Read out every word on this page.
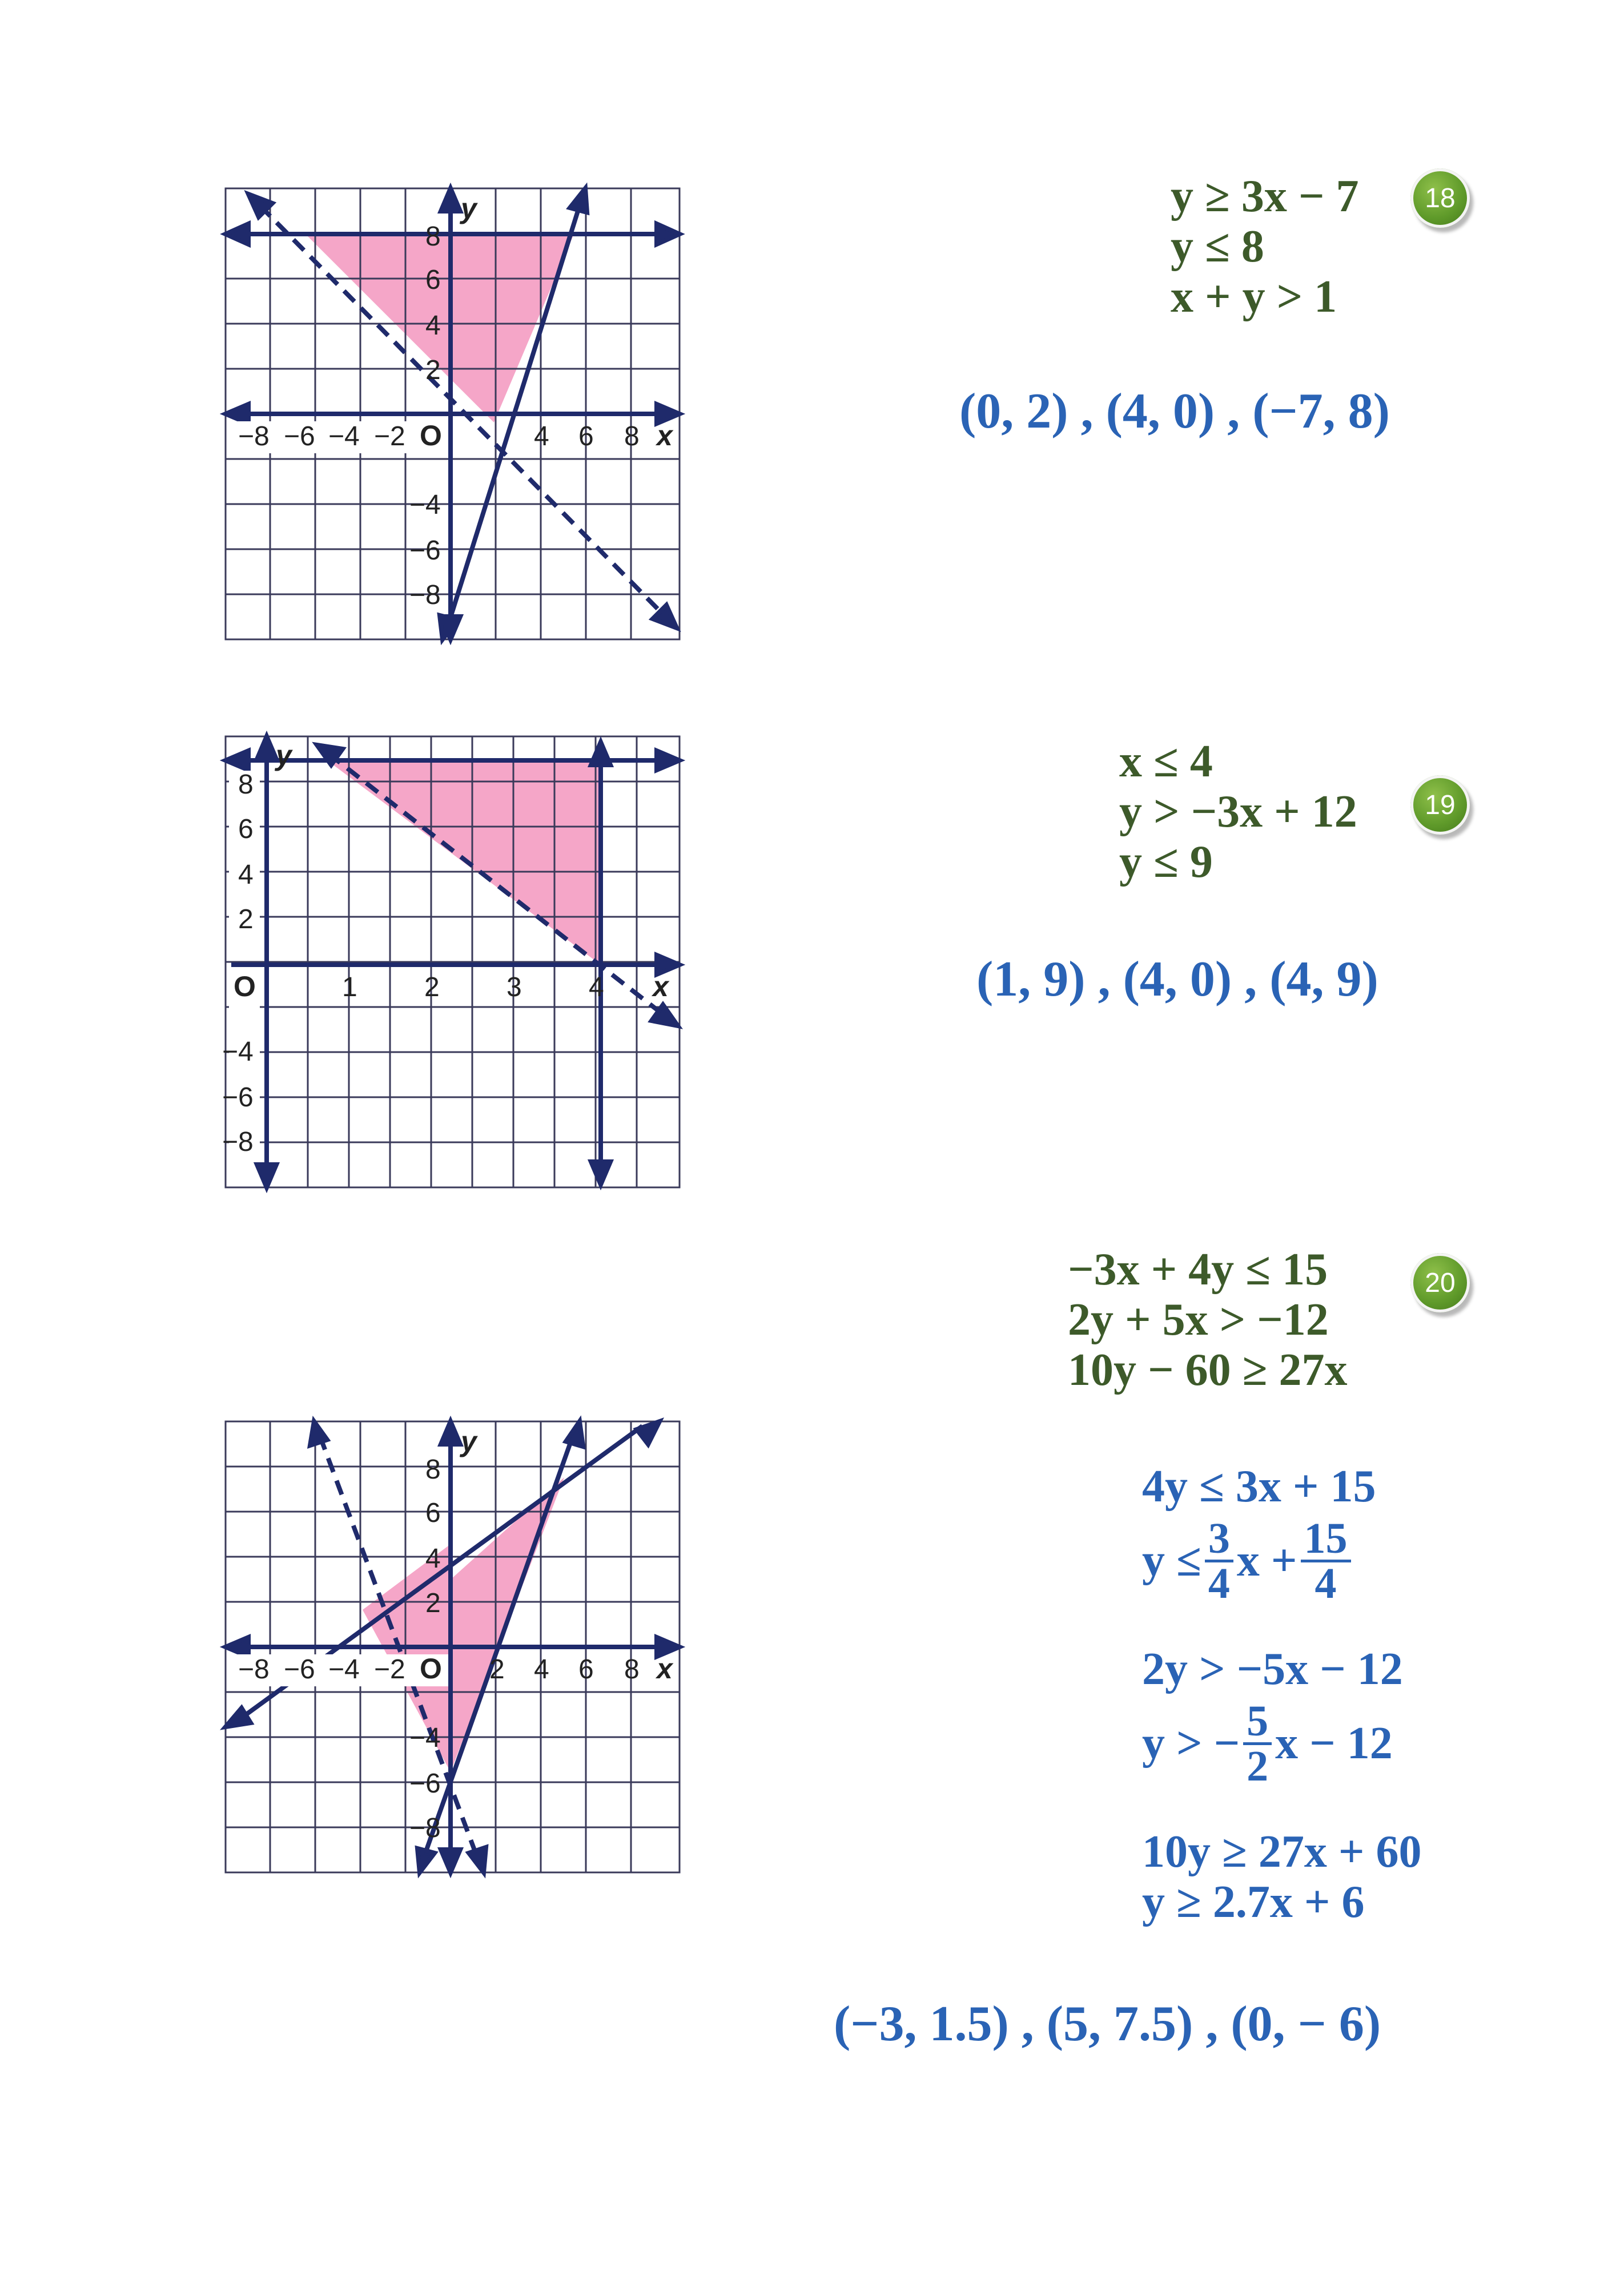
−8 −6 −4 −2 O	4 6 8 x
y
8
6
4
2
−4
−6
−8
y ≥ 3x − 7
y ≤ 8
x + y > 1
18
(0, 2) , (4, 0) , (−7, 8)
8
6
4
2
−4
−6
−8
O	1 2 3 4 x
y	x ≤ 4
y > −3x + 12
y ≤ 9
19
(1, 9) , (4, 0) , (4, 9)
−3x + 4y ≤ 15
2y + 5x > −12
10y − 60 ≥ 27x
20
−8 −6 −4 −2 O 2 4 6 8 x
y
8
6
4
2
−4
−6
−8
4y ≤ 3x + 15
$y \le \frac{3}{4}$ $x + \frac{15}{4}$
2y > −5x − 12
y > − $\frac{5}{2}$ x − 12
10y ≥ 27x + 60
y ≥ 2.7x + 6
(−3, 1.5) , (5, 7.5) , (0, − 6)
